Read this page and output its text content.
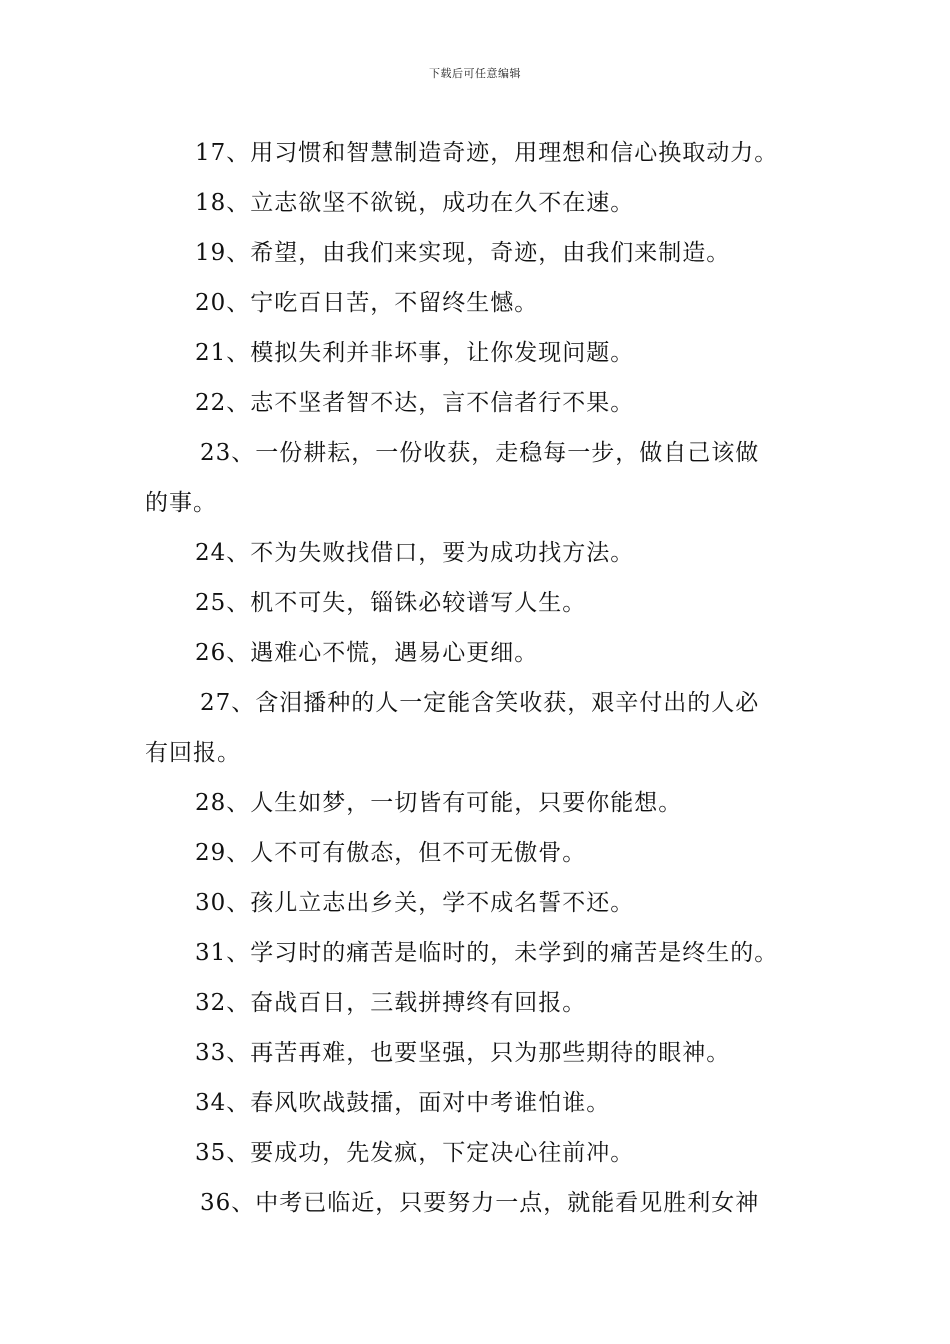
下载后可任意编辑
17、用习惯和智慧制造奇迹，用理想和信心换取动力。
18、立志欲坚不欲锐，成功在久不在速。
19、希望，由我们来实现，奇迹，由我们来制造。
20、宁吃百日苦，不留终生憾。
21、模拟失利并非坏事，让你发现问题。
22、志不坚者智不达，言不信者行不果。
23、一份耕耘，一份收获，走稳每一步，做自己该做
的事。
24、不为失败找借口，要为成功找方法。
25、机不可失，锱铢必较谱写人生。
26、遇难心不慌，遇易心更细。
27、含泪播种的人一定能含笑收获，艰辛付出的人必
有回报。
28、人生如梦，一切皆有可能，只要你能想。
29、人不可有傲态，但不可无傲骨。
30、孩儿立志出乡关，学不成名誓不还。
31、学习时的痛苦是临时的，未学到的痛苦是终生的。
32、奋战百日，三载拼搏终有回报。
33、再苦再难，也要坚强，只为那些期待的眼神。
34、春风吹战鼓擂，面对中考谁怕谁。
35、要成功，先发疯，下定决心往前冲。
36、中考已临近，只要努力一点，就能看见胜利女神
